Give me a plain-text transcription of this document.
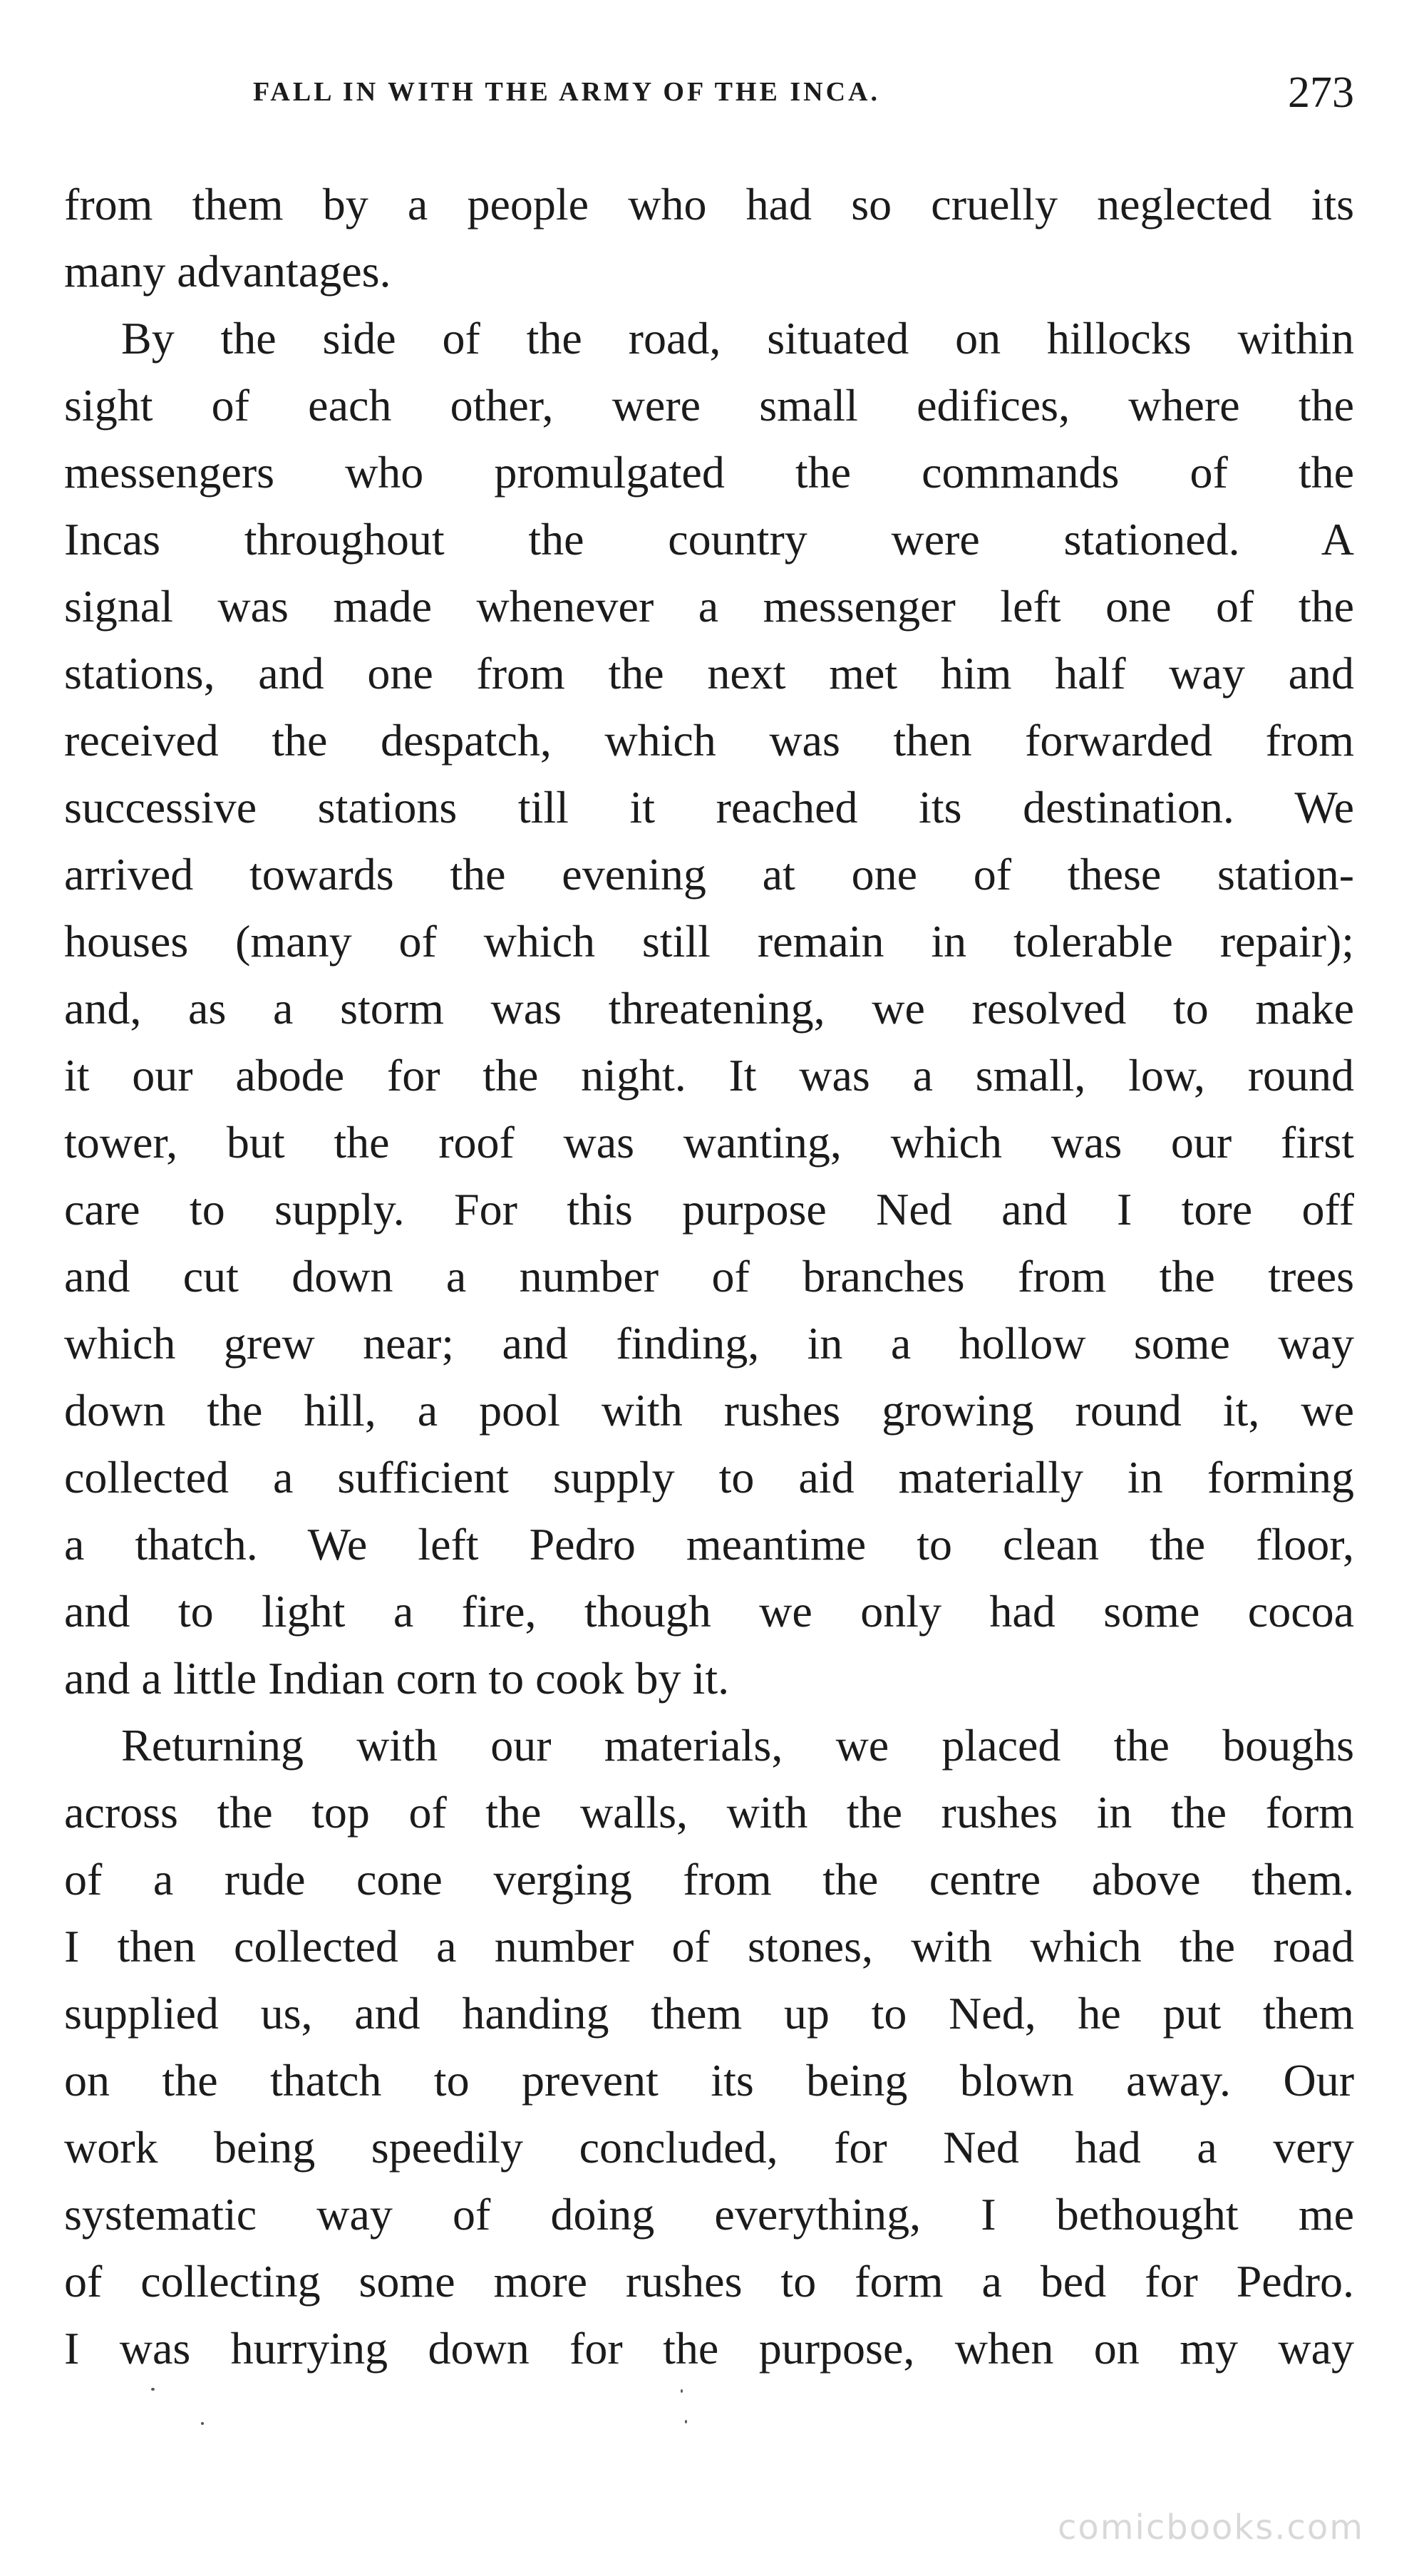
FALL IN WITH THE ARMY OF THE INCA.	273
from them by a people who had so cruelly neglected its
many advantages.
By the side of the road, situated on hillocks within
sight of each other, were small edifices, where the
messengers who promulgated the commands of the
Incas throughout the country were stationed. A
signal was made whenever a messenger left one of the
stations, and one from the next met him half way and
received the despatch, which was then forwarded from
successive stations till it reached its destination. We
arrived towards the evening at one of these station-
houses (many of which still remain in tolerable repair);
and, as a storm was threatening, we resolved to make
it our abode for the night. It was a small, low, round
tower, but the roof was wanting, which was our first
care to supply. For this purpose Ned and I tore off
and cut down a number of branches from the trees
which grew near; and finding, in a hollow some way
down the hill, a pool with rushes growing round it, we
collected a sufficient supply to aid materially in forming
a thatch. We left Pedro meantime to clean the floor,
and to light a fire, though we only had some cocoa
and a little Indian corn to cook by it.
Returning with our materials, we placed the boughs
across the top of the walls, with the rushes in the form
of a rude cone verging from the centre above them.
I then collected a number of stones, with which the road
supplied us, and handing them up to Ned, he put them
on the thatch to prevent its being blown away. Our
work being speedily concluded, for Ned had a very
systematic way of doing everything, I bethought me
of collecting some more rushes to form a bed for Pedro.
I was hurrying down for the purpose, when on my way
comicbooks.com
